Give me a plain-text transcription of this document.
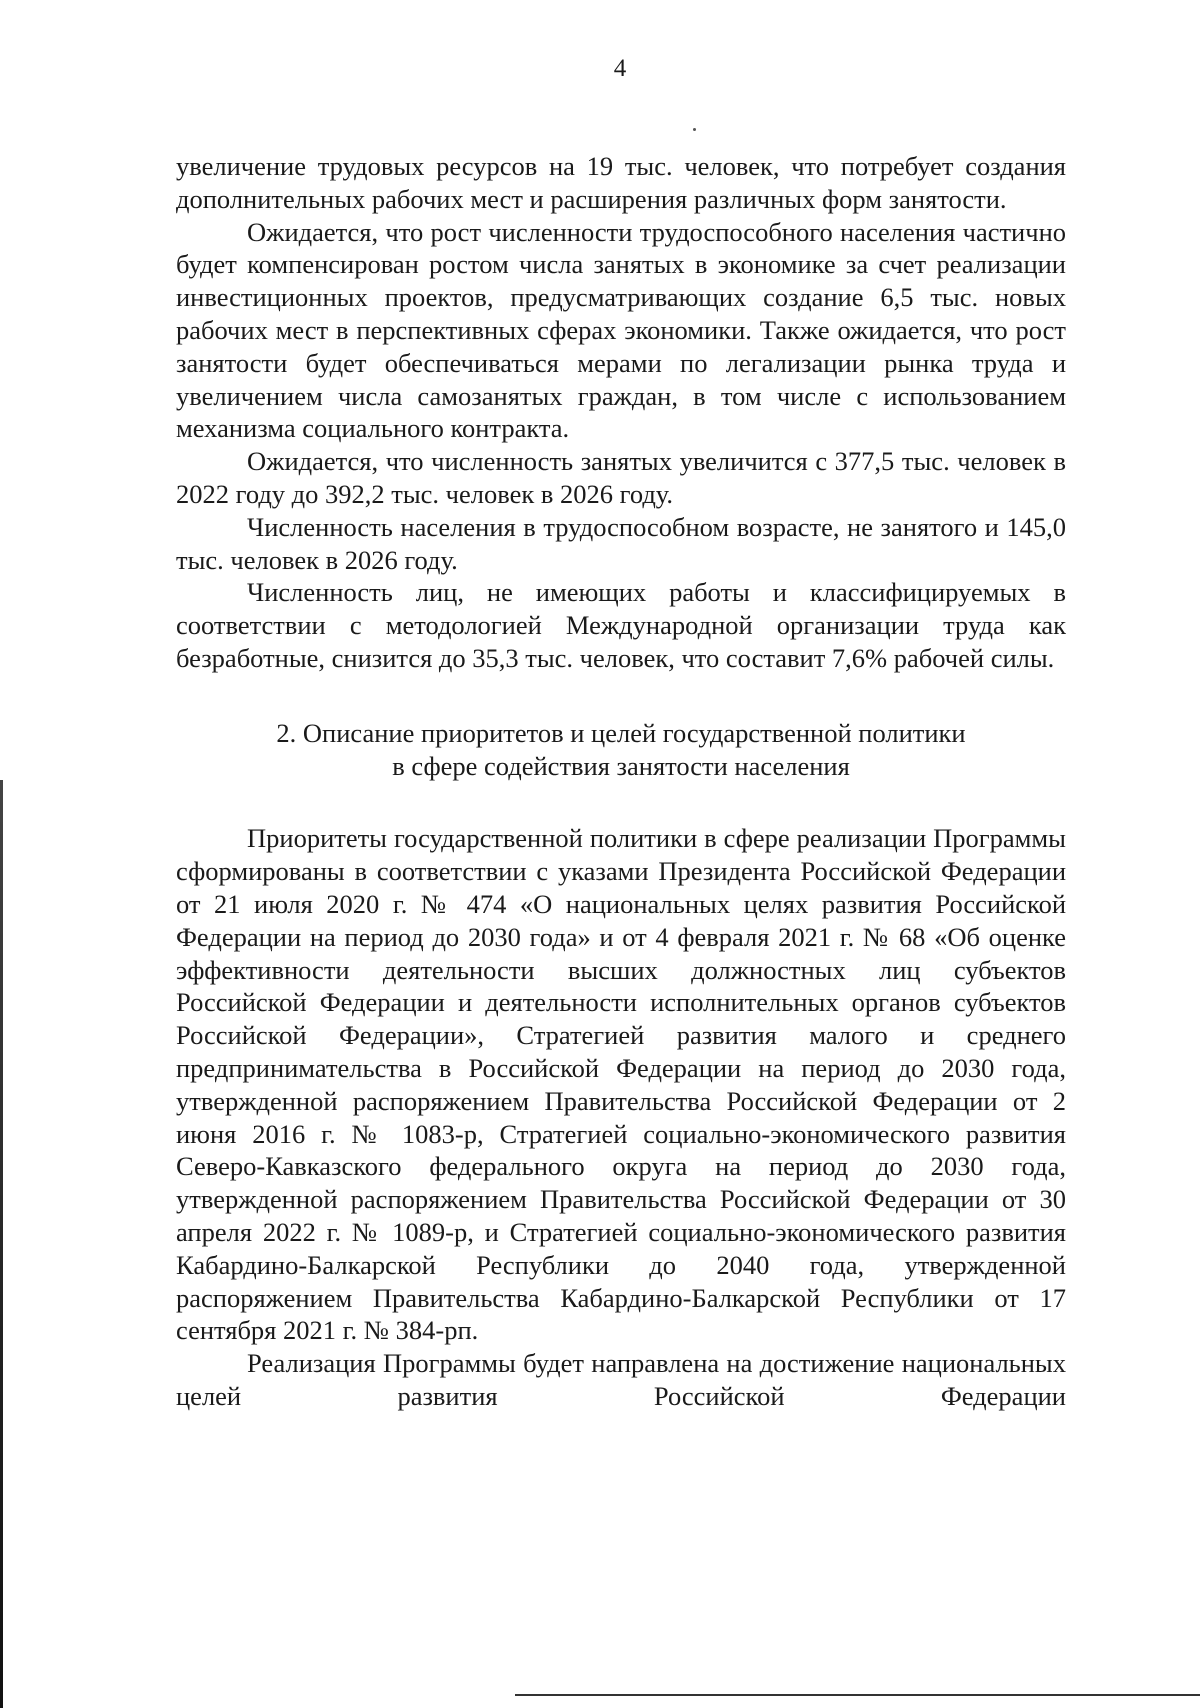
4

увеличение трудовых ресурсов на 19 тыс. человек, что потребует создания дополнительных рабочих мест и расширения различных форм занятости.

Ожидается, что рост численности трудоспособного населения частично будет компенсирован ростом числа занятых в экономике за счет реализации инвестиционных проектов, предусматривающих создание 6,5 тыс. новых рабочих мест в перспективных сферах экономики. Также ожидается, что рост занятости будет обеспечиваться мерами по легализации рынка труда и увеличением числа самозанятых граждан, в том числе с использованием механизма социального контракта.

Ожидается, что численность занятых увеличится с 377,5 тыс. человек в 2022 году до 392,2 тыс. человек в 2026 году.

Численность населения в трудоспособном возрасте, не занятого и 145,0 тыс. человек в 2026 году.

Численность лиц, не имеющих работы и классифицируемых в соответствии с методологией Международной организации труда как безработные, снизится до 35,3 тыс. человек, что составит 7,6% рабочей силы.

2. Описание приоритетов и целей государственной политики
в сфере содействия занятости населения

Приоритеты государственной политики в сфере реализации Программы сформированы в соответствии с указами Президента Российской Федерации от 21 июля 2020 г. № 474 «О национальных целях развития Российской Федерации на период до 2030 года» и от 4 февраля 2021 г. № 68 «Об оценке эффективности деятельности высших должностных лиц субъектов Российской Федерации и деятельности исполнительных органов субъектов Российской Федерации», Стратегией развития малого и среднего предпринимательства в Российской Федерации на период до 2030 года, утвержденной распоряжением Правительства Российской Федерации от 2 июня 2016 г. № 1083-р, Стратегией социально-экономического развития Северо-Кавказского федерального округа на период до 2030 года, утвержденной распоряжением Правительства Российской Федерации от 30 апреля 2022 г. № 1089-р, и Стратегией социально-экономического развития Кабардино-Балкарской Республики до 2040 года, утвержденной распоряжением Правительства Кабардино-Балкарской Республики от 17 сентября 2021 г. № 384-рп.

Реализация Программы будет направлена на достижение национальных целей развития Российской Федерации
